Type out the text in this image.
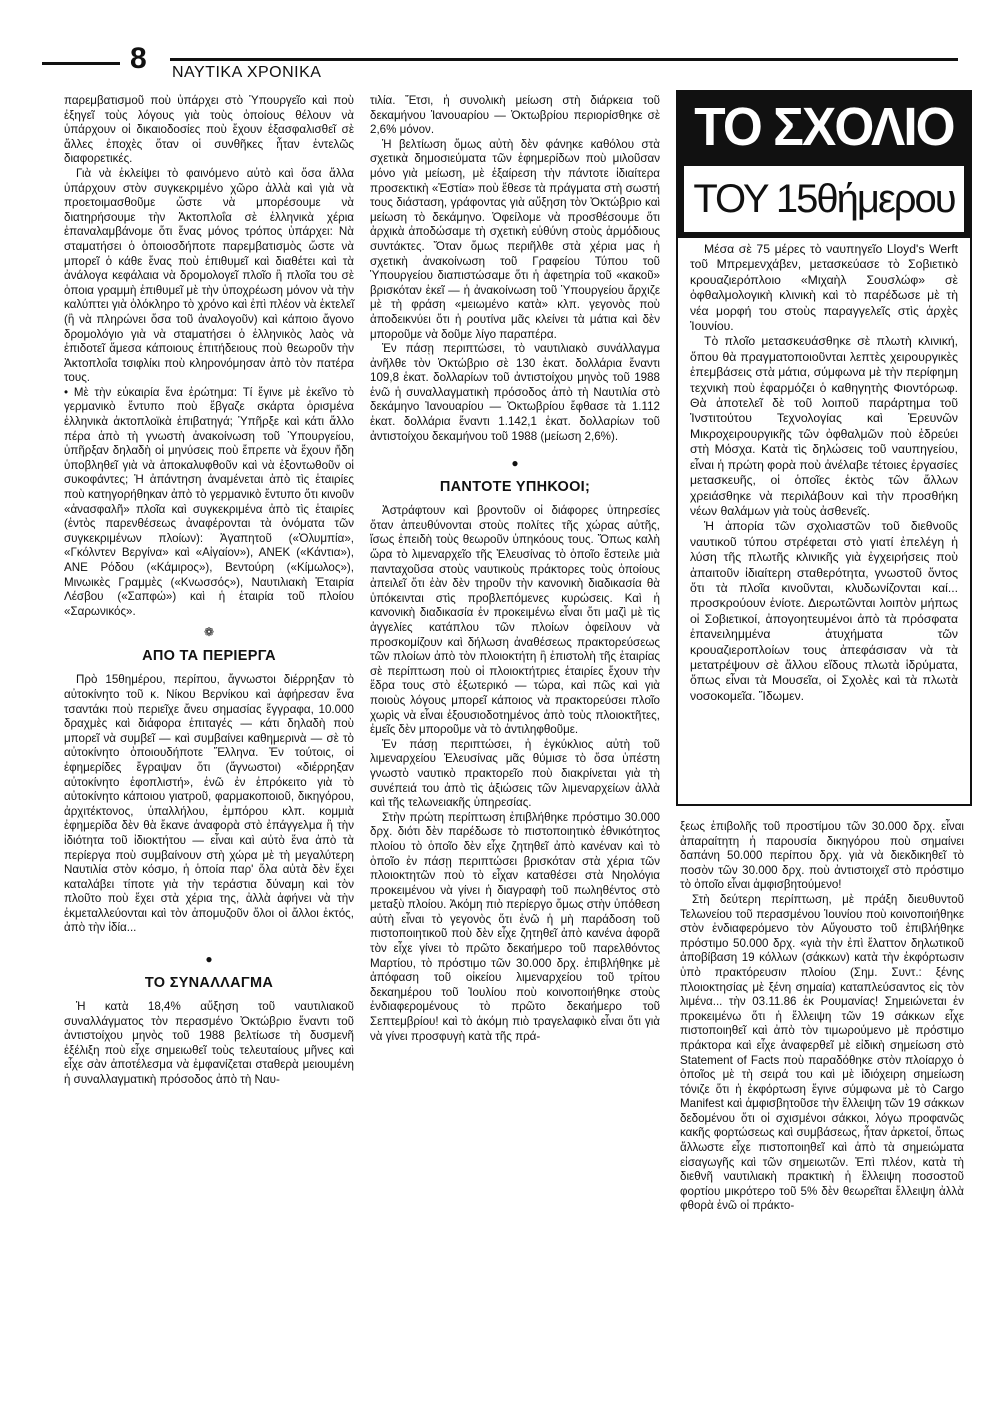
8 ΝΑΥΤΙΚΑ ΧΡΟΝΙΚΑ

παρεμβατισμοῦ ποὺ ὑπάρχει στὸ Ὑπουργεῖο καὶ ποὺ ἐξηγεῖ τοὺς λόγους γιὰ τοὺς ὁποίους θέλουν νὰ ὑπάρχουν οἱ δικαιοδοσίες ποὺ ἔχουν ἐξασφαλισθεῖ σὲ ἄλλες ἐποχὲς ὅταν οἱ συνθῆκες ἦταν ἐντελῶς διαφορετικές.

Γιὰ νὰ ἐκλείψει τὸ φαινόμενο αὐτὸ καὶ ὅσα ἄλλα ὑπάρχουν στὸν συγκεκριμένο χῶρο ἀλλὰ καὶ γιὰ νὰ προετοιμασθοῦμε ὥστε νὰ μπορέσουμε νὰ διατηρήσουμε τὴν Ἀκτοπλοΐα σὲ ἑλληνικὰ χέρια ἐπαναλαμβάνομε ὅτι ἕνας μόνος τρόπος ὑπάρχει: Νὰ σταματήσει ὁ ὁποιοσδήποτε παρεμβατισμὸς ὥστε νὰ μπορεῖ ὁ κάθε ἕνας ποὺ ἐπιθυμεῖ καὶ διαθέτει καὶ τὰ ἀνάλογα κεφάλαια νὰ δρομολογεῖ πλοῖο ἢ πλοῖα του σὲ ὁποια γραμμὴ ἐπιθυμεῖ μὲ τὴν ὑποχρέωση μόνον νὰ τὴν καλύπτει γιὰ ὁλόκληρο τὸ χρόνο καὶ ἐπὶ πλέον νὰ ἐκτελεῖ (ἢ νὰ πληρώνει ὅσα τοῦ ἀναλογοῦν) καὶ κάποιο ἄγονο δρομολόγιο γιὰ νὰ σταματήσει ὁ ἑλληνικὸς λαὸς νὰ ἐπιδοτεῖ ἄμεσα κάποιους ἐπιτήδειους ποὺ θεωροῦν τὴν Ἀκτοπλοΐα τσιφλίκι ποὺ κληρονόμησαν ἀπὸ τὸν πατέρα τους.

• Μὲ τὴν εὐκαιρία ἕνα ἐρώτημα: Τί ἔγινε μὲ ἐκεῖνο τὸ γερμανικὸ ἔντυπο ποὺ ἔβγαζε σκάρτα ὁρισμένα ἑλληνικὰ ἀκτοπλοϊκὰ ἐπιβατηγά; Ὑπῆρξε καὶ κάτι ἄλλο πέρα ἀπὸ τὴ γνωστὴ ἀνακοίνωση τοῦ Ὑπουργείου, ὑπῆρξαν δηλαδὴ οἱ μηνύσεις ποὺ ἔπρεπε νὰ ἔχουν ἤδη ὑποβληθεῖ γιὰ νὰ ἀποκαλυφθοῦν καὶ νὰ ἐξοντωθοῦν οἱ συκοφάντες; Ἡ ἀπάντηση ἀναμένεται ἀπὸ τὶς ἑταιρίες ποὺ κατηγορήθηκαν ἀπὸ τὸ γερμανικὸ ἔντυπο ὅτι κινοῦν «ἀνασφαλῆ» πλοῖα καὶ συγκεκριμένα ἀπὸ τὶς ἑταιρίες (ἐντὸς παρενθέσεως ἀναφέρονται τὰ ὀνόματα τῶν συγκεκριμένων πλοίων): Ἀγαπητοῦ («Ὀλυμπία», «Γκόλντεν Βεργίνα» καὶ «Αἰγαίον»), ΑΝΕΚ («Κάντια»), ΑΝΕ Ρόδου («Κάμιρος»), Βεντούρη («Κίμωλος»), Μινωικὲς Γραμμὲς («Κνωσσός»), Ναυτιλιακὴ Ἑταιρία Λέσβου («Σαπφώ») καὶ ἡ ἑταιρία τοῦ πλοίου «Σαρωνικός».

❁
ΑΠΟ ΤΑ ΠΕΡΙΕΡΓΑ

Πρὸ 15θημέρου, περίπου, ἄγνωστοι διέρρηξαν τὸ αὐτοκίνητο τοῦ κ. Νίκου Βερνίκου καὶ ἀφήρεσαν ἕνα τσαντάκι ποὺ περιεῖχε ἄνευ σημασίας ἔγγραφα, 10.000 δραχμὲς καὶ διάφορα ἐπιταγές — κάτι δηλαδὴ ποὺ μπορεῖ νὰ συμβεῖ — καὶ συμβαίνει καθημερινὰ — σὲ τὸ αὐτοκίνητο ὁποιουδήποτε Ἕλληνα. Ἐν τούτοις, οἱ ἐφημερίδες ἔγραψαν ὅτι (ἄγνωστοι) «διέρρηξαν αὐτοκίνητο ἐφοπλιστή», ἐνῶ ἐν ἐπρόκειτο γιὰ τὸ αὐτοκίνητο κάποιου γιατροῦ, φαρμακοποιοῦ, δικηγόρου, ἀρχιτέκτονος, ὑπαλλήλου, ἐμπόρου κλπ. κομμιὰ ἐφημερίδα δὲν θὰ ἔκανε ἀναφορὰ στὸ ἐπάγγελμα ἢ τὴν ἰδιότητα τοῦ ἰδιοκτήτου — εἶναι καὶ αὐτὸ ἕνα ἀπὸ τὰ περίεργα ποὺ συμβαίνουν στὴ χώρα μὲ τὴ μεγαλύτερη Ναυτιλία στὸν κόσμο, ἡ ὁποία παρ' ὅλα αὐτὰ δὲν ἔχει καταλάβει τίποτε γιὰ τὴν τεράστια δύναμη καὶ τὸν πλοῦτο ποὺ ἔχει στὰ χέρια της, ἀλλὰ ἀφήνει νὰ τὴν ἐκμεταλλεύονται καὶ τὸν ἀπομυζοῦν ὅλοι οἱ ἄλλοι ἐκτός, ἀπὸ τὴν ἰδία...

●
ΤΟ ΣΥΝΑΛΛΑΓΜΑ

Ἡ κατὰ 18,4% αὔξηση τοῦ ναυτιλιακοῦ συναλλάγματος τὸν περασμένο Ὀκτώβριο ἔναντι τοῦ ἀντιστοίχου μηνὸς τοῦ 1988 βελτίωσε τὴ δυσμενῆ ἐξέλιξη ποὺ εἶχε σημειωθεῖ τοὺς τελευταίους μῆνες καὶ εἶχε σὰν ἀποτέλεσμα νὰ ἐμφανίζεται σταθερὰ μειουμένη ἡ συναλλαγματικὴ πρόσοδος ἀπὸ τὴ Ναυ-

τιλία. Ἔτσι, ἡ συνολικὴ μείωση στὴ διάρκεια τοῦ δεκαμήνου Ἰανουαρίου — Ὀκτωβρίου περιορίσθηκε σὲ 2,6% μόνον.

Ἡ βελτίωση ὅμως αὐτὴ δὲν φάνηκε καθόλου στὰ σχετικὰ δημοσιεύματα τῶν ἐφημερίδων ποὺ μιλοῦσαν μόνο γιὰ μείωση, μὲ ἐξαίρεση τὴν πάντοτε ἰδιαίτερα προσεκτικὴ «Ἑστία» ποὺ ἔθεσε τὰ πράγματα στὴ σωστή τους διάσταση, γράφοντας γιὰ αὔξηση τὸν Ὀκτώβριο καὶ μείωση τὸ δεκάμηνο. Ὀφείλομε νὰ προσθέσουμε ὅτι ἀρχικὰ ἀποδώσαμε τὴ σχετικὴ εὐθύνη στοὺς ἁρμόδιους συντάκτες. Ὅταν ὅμως περιῆλθε στὰ χέρια μας ἡ σχετικὴ ἀνακοίνωση τοῦ Γραφείου Τύπου τοῦ Ὑπουργείου διαπιστώσαμε ὅτι ἡ ἀφετηρία τοῦ «κακοῦ» βρισκόταν ἐκεῖ — ἡ ἀνακοίνωση τοῦ Ὑπουργείου ἄρχιζε μὲ τὴ φράση «μειωμένο κατὰ» κλπ. γεγονὸς ποὺ ἀποδεικνύει ὅτι ἡ ρουτίνα μᾶς κλείνει τὰ μάτια καὶ δὲν μποροῦμε νὰ δοῦμε λίγο παραπέρα.

Ἐν πάσῃ περιπτώσει, τὸ ναυτιλιακὸ συνάλλαγμα ἀνῆλθε τὸν Ὀκτώβριο σὲ 130 ἑκατ. δολλάρια ἔναντι 109,8 ἑκατ. δολλαρίων τοῦ ἀντιστοίχου μηνὸς τοῦ 1988 ἐνῶ ἡ συναλλαγματικὴ πρόσοδος ἀπὸ τὴ Ναυτιλία στὸ δεκάμηνο Ἰανουαρίου — Ὀκτωβρίου ἔφθασε τὰ 1.112 ἑκατ. δολλάρια ἔναντι 1.142,1 ἑκατ. δολλαρίων τοῦ ἀντιστοίχου δεκαμήνου τοῦ 1988 (μείωση 2,6%).

●
ΠΑΝΤΟΤΕ ΥΠΗΚΟΟΙ;

Ἀστράφτουν καὶ βροντοῦν οἱ διάφορες ὑπηρεσίες ὅταν ἀπευθύνονται στοὺς πολίτες τῆς χώρας αὐτῆς, ἴσως ἐπειδὴ τοὺς θεωροῦν ὑπηκόους τους. Ὅπως καλὴ ὥρα τὸ λιμεναρχεῖο τῆς Ἐλευσίνας τὸ ὁποῖο ἔστειλε μιὰ πανταχοῦσα στοὺς ναυτικοὺς πράκτορες τοὺς ὁποίους ἀπειλεῖ ὅτι ἐὰν δὲν τηροῦν τὴν κανονικὴ διαδικασία θὰ ὑπόκεινται στὶς προβλεπόμενες κυρώσεις. Καὶ ἡ κανονικὴ διαδικασία ἐν προκειμένω εἶναι ὅτι μαζὶ μὲ τὶς ἀγγελίες κατάπλου τῶν πλοίων ὀφείλουν νὰ προσκομίζουν καὶ δήλωση ἀναθέσεως πρακτορεύσεως τῶν πλοίων ἀπὸ τὸν πλοιοκτήτη ἢ ἐπιστολὴ τῆς ἑταιρίας σὲ περίπτωση ποὺ οἱ πλοιοκτήτριες ἑταιρίες ἔχουν τὴν ἕδρα τους στὸ ἐξωτερικό — τώρα, καὶ πῶς καὶ γιὰ ποιοὺς λόγους μπορεῖ κάποιος νὰ πρακτορεύσει πλοῖο χωρὶς νὰ εἶναι ἐξουσιοδοτημένος ἀπὸ τοὺς πλοιοκτῆτες, ἐμεῖς δὲν μποροῦμε νὰ τὸ ἀντιληφθοῦμε.

Ἐν πάσῃ περιπτώσει, ἡ ἐγκύκλιος αὐτὴ τοῦ λιμεναρχείου Ἐλευσίνας μᾶς θύμισε τὸ ὅσα ὑπέστη γνωστὸ ναυτικὸ πρακτορεῖο ποὺ διακρίνεται γιὰ τὴ συνέπειά του ἀπὸ τὶς ἀξιώσεις τῶν λιμεναρχείων ἀλλὰ καὶ τῆς τελωνειακῆς ὑπηρεσίας.

Στὴν πρώτη περίπτωση ἐπιβλήθηκε πρόστιμο 30.000 δρχ. διότι δὲν παρέδωσε τὸ πιστοποιητικὸ ἐθνικότητος πλοίου τὸ ὁποῖο δὲν εἶχε ζητηθεῖ ἀπὸ κανέναν καὶ τὸ ὁποῖο ἐν πάσῃ περιπτώσει βρισκόταν στὰ χέρια τῶν πλοιοκτητῶν ποὺ τὸ εἶχαν καταθέσει στὰ Νηολόγια προκειμένου νὰ γίνει ἡ διαγραφὴ τοῦ πωληθέντος στὸ μεταξὺ πλοίου. Ἀκόμη πιὸ περίεργο ὅμως στὴν ὑπόθεση αὐτὴ εἶναι τὸ γεγονὸς ὅτι ἐνῶ ἡ μὴ παράδοση τοῦ πιστοποιητικοῦ ποὺ δὲν εἶχε ζητηθεῖ ἀπὸ κανένα ἀφορᾶ τὸν εἶχε γίνει τὸ πρῶτο δεκαήμερο τοῦ παρελθόντος Μαρτίου, τὸ πρόστιμο τῶν 30.000 δρχ. ἐπιβλήθηκε μὲ ἀπόφαση τοῦ οἰκείου λιμεναρχείου τοῦ τρίτου δεκαημέρου τοῦ Ἰουλίου ποὺ κοινοποιήθηκε στοὺς ἐνδιαφερομένους τὸ πρῶτο δεκαήμερο τοῦ Σεπτεμβρίου! καὶ τὸ ἀκόμη πιὸ τραγελαφικὸ εἶναι ὅτι γιὰ νὰ γίνει προσφυγὴ κατὰ τῆς πρά-

ΤΟ ΣΧΟΛΙΟ
ΤΟΥ 15θήμερου

Μέσα σὲ 75 μέρες τὸ ναυπηγεῖο Lloyd's Werft τοῦ Μπρεμενχάβεν, μετασκεύασε τὸ Σοβιετικὸ κρουαζιερόπλοιο «Μιχαὴλ Σουσλώφ» σὲ ὀφθαλμολογικὴ κλινικὴ καὶ τὸ παρέδωσε μὲ τὴ νέα μορφή του στοὺς παραγγελεῖς στὶς ἀρχὲς Ἰουνίου.

Τὸ πλοῖο μετασκευάσθηκε σὲ πλωτὴ κλινική, ὅπου θὰ πραγματοποιοῦνται λεπτὲς χειρουργικὲς ἐπεμβάσεις στὰ μάτια, σύμφωνα μὲ τὴν περίφημη τεχνικὴ ποὺ ἐφαρμόζει ὁ καθηγητὴς Φιοντόρωφ. Θὰ ἀποτελεῖ δὲ τοῦ λοιποῦ παράρτημα τοῦ Ἰνστιτούτου Τεχνολογίας καὶ Ἐρευνῶν Μικροχειρουργικῆς τῶν ὀφθαλμῶν ποὺ ἑδρεύει στὴ Μόσχα. Κατὰ τὶς δηλώσεις τοῦ ναυπηγείου, εἶναι ἡ πρώτη φορὰ ποὺ ἀνέλαβε τέτοιες ἐργασίες μετασκευῆς, οἱ ὁποῖες ἐκτὸς τῶν ἄλλων χρειάσθηκε νὰ περιλάβουν καὶ τὴν προσθήκη νέων θαλάμων γιὰ τοὺς ἀσθενεῖς.

Ἡ ἀπορία τῶν σχολιαστῶν τοῦ διεθνοῦς ναυτικοῦ τύπου στρέφεται στὸ γιατί ἐπελέγη ἡ λύση τῆς πλωτῆς κλινικῆς γιὰ ἐγχειρήσεις ποὺ ἀπαιτοῦν ἰδιαίτερη σταθερότητα, γνωστοῦ ὄντος ὅτι τὰ πλοῖα κινοῦνται, κλυδωνίζονται καί... προσκρούουν ἐνίοτε. Διερωτῶνται λοιπὸν μήπως οἱ Σοβιετικοί, ἀπογοητευμένοι ἀπὸ τὰ πρόσφατα ἐπανειλημμένα ἀτυχήματα τῶν κρουαζιεροπλοίων τους ἀπεφάσισαν νὰ τὰ μετατρέψουν σὲ ἄλλου εἴδους πλωτὰ ἱδρύματα, ὅπως εἶναι τὰ Μουσεῖα, οἱ Σχολὲς καὶ τὰ πλωτὰ νοσοκομεῖα. Ἴδωμεν.

ξεως ἐπιβολῆς τοῦ προστίμου τῶν 30.000 δρχ. εἶναι ἀπαραίτητη ἡ παρουσία δικηγόρου ποὺ σημαίνει δαπάνη 50.000 περίπου δρχ. γιὰ νὰ διεκδικηθεῖ τὸ ποσὸν τῶν 30.000 δρχ. ποὺ ἀντιστοιχεῖ στὸ πρόστιμο τὸ ὁποῖο εἶναι ἀμφισβητούμενο!

Στὴ δεύτερη περίπτωση, μὲ πράξη διευθυντοῦ Τελωνείου τοῦ περασμένου Ἰουνίου ποὺ κοινοποιήθηκε στὸν ἐνδιαφερόμενο τὸν Αὔγουστο τοῦ ἐπιβλήθηκε πρόστιμο 50.000 δρχ. «γιὰ τὴν ἐπὶ ἔλαττον δηλωτικοῦ ἀποβίβαση 19 κόλλων (σάκκων) κατὰ τὴν ἐκφόρτωσιν ὑπὸ πρακτόρευσιν πλοίου (Σημ. Συντ.: ξένης πλοιοκτησίας μὲ ξένη σημαία) καταπλεύσαντος εἰς τὸν λιμένα... τὴν 03.11.86 ἐκ Ρουμανίας! Σημειώνεται ἐν προκειμένω ὅτι ἡ ἔλλειψη τῶν 19 σάκκων εἶχε πιστοποιηθεῖ καὶ ἀπὸ τὸν τιμωρούμενο μὲ πρόστιμο πράκτορα καὶ εἶχε ἀναφερθεῖ μὲ εἰδικὴ σημείωση στὸ Statement of Facts ποὺ παραδόθηκε στὸν πλοίαρχο ὁ ὁποῖος μὲ τὴ σειρά του καὶ μὲ ἰδιόχειρη σημείωση τόνιζε ὅτι ἡ ἐκφόρτωση ἔγινε σύμφωνα μὲ τὸ Cargo Manifest καὶ ἀμφισβητοῦσε τὴν ἔλλειψη τῶν 19 σάκκων δεδομένου ὅτι οἱ σχισμένοι σάκκοι, λόγω προφανῶς κακῆς φορτώσεως καὶ συμβάσεως, ἦταν ἀρκετοί, ὅπως ἄλλωστε εἶχε πιστοποιηθεῖ καὶ ἀπὸ τὰ σημειώματα εἰσαγωγῆς καὶ τῶν σημειωτῶν. Ἐπὶ πλέον, κατὰ τὴ διεθνῆ ναυτιλιακὴ πρακτικὴ ἡ ἔλλειψη ποσοστοῦ φορτίου μικρότερο τοῦ 5% δὲν θεωρεῖται ἔλλειψη ἀλλὰ φθορὰ ἐνῶ οἱ πράκτο-
